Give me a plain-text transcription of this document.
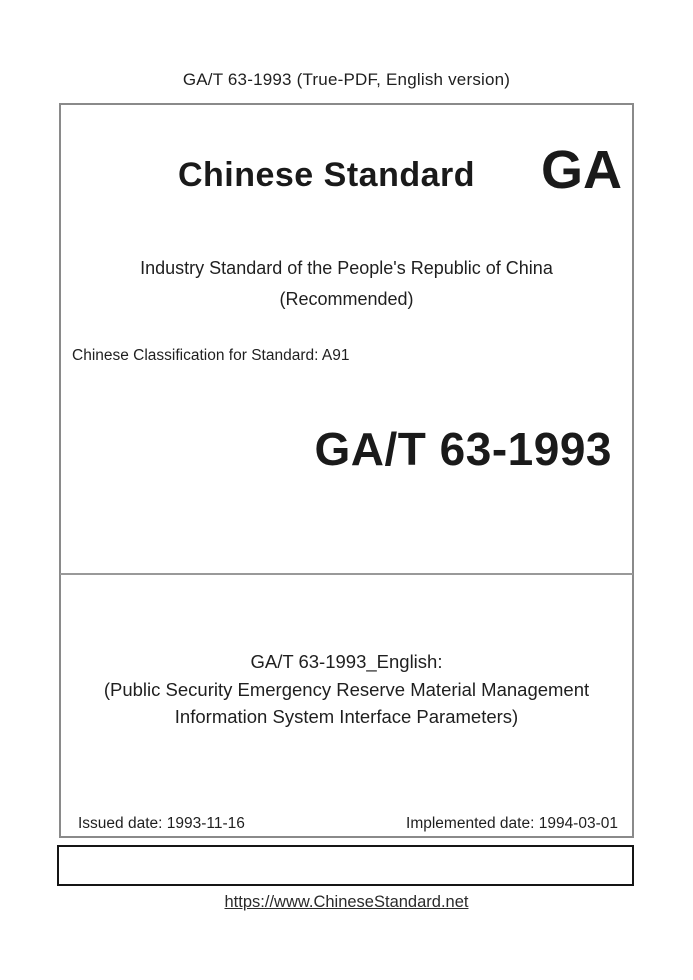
GA/T 63-1993 (True-PDF, English version)
Chinese Standard	GA
Industry Standard of the People's Republic of China
(Recommended)
Chinese Classification for Standard: A91
GA/T 63-1993
GA/T 63-1993_English:
(Public Security Emergency Reserve Material Management
Information System Interface Parameters)
Issued date: 1993-11-16	Implemented date: 1994-03-01
https://www.ChineseStandard.net
